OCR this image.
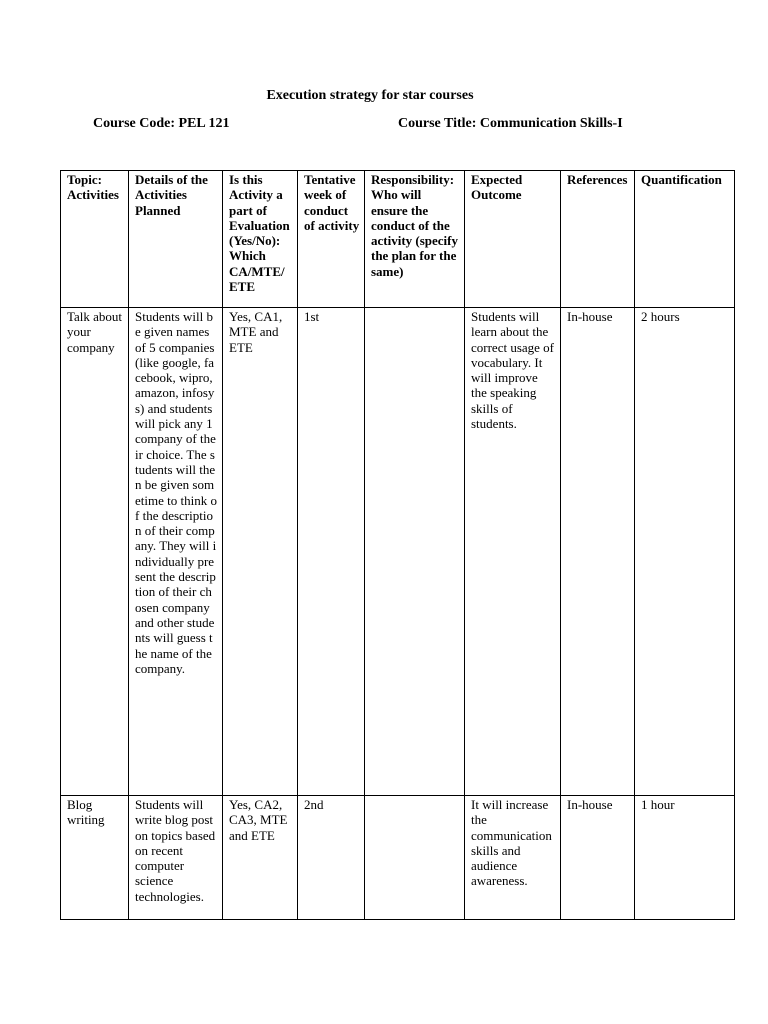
Execution strategy for star courses
Course Code: PEL 121	Course Title: Communication Skills-I
Topic: Activities	Details of the Activities Planned	Is this Activity a part of Evaluation (Yes/No): Which CA/MTE/ ETE	Tentative week of conduct of activity	Responsibility: Who will ensure the conduct of the activity (specify the plan for the same)	Expected Outcome	References	Quantification
Talk about your company	Students will be given names of 5 companies(like google, facebook, wipro, amazon, infosys) and students will pick any 1 company of their choice. The students will then be given sometime to think of the description of their company. They will individually present the description of their chosen company and other students will guess the name of the company.	Yes, CA1, MTE and ETE	1st		Students will learn about the correct usage of vocabulary. It will improve the speaking skills of students.	In-house	2 hours
Blog writing	Students will write blog post on topics based on recent computer science technologies.	Yes, CA2, CA3, MTE and ETE	2nd		It will increase the communication skills and audience awareness.	In-house	1 hour
